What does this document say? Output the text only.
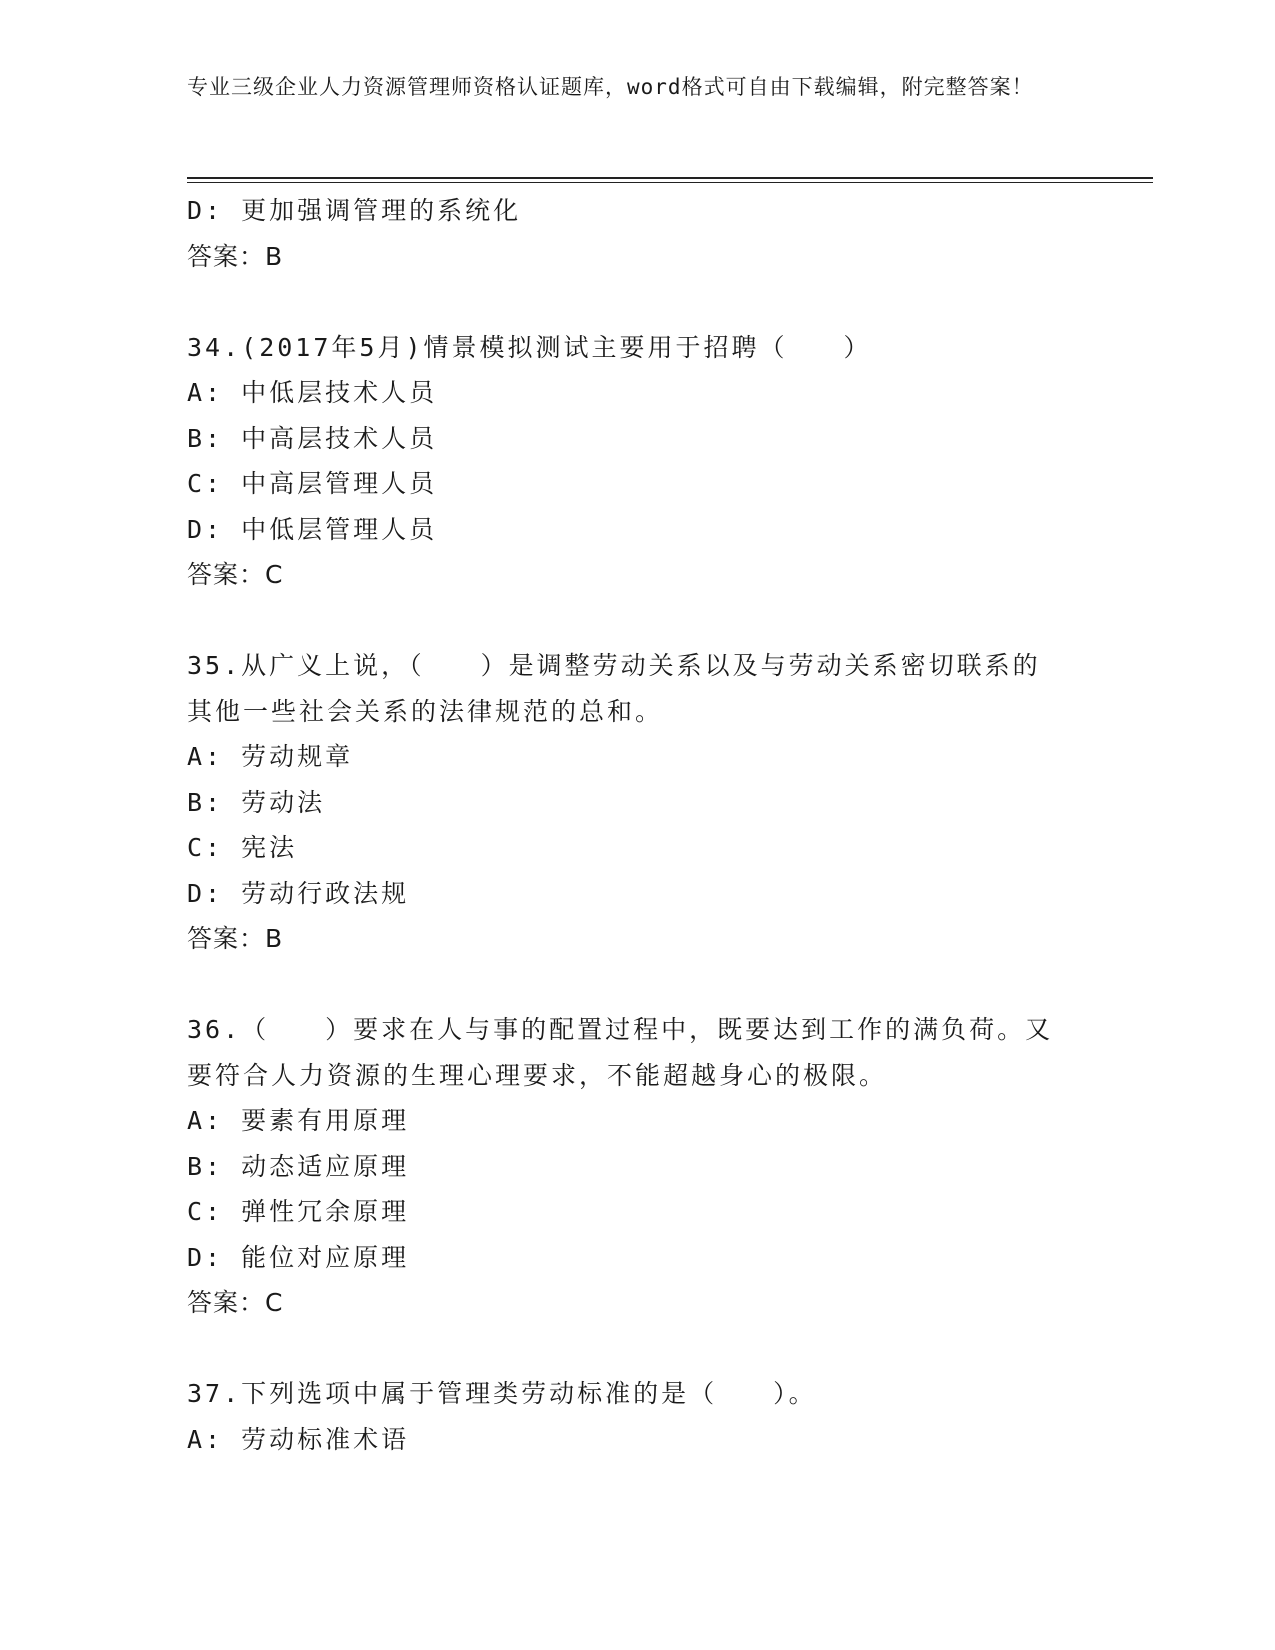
专业三级企业人力资源管理师资格认证题库，word格式可自由下载编辑，附完整答案！
D: 更加强调管理的系统化
答案：B
34.(2017年5月)情景模拟测试主要用于招聘（　　）
A: 中低层技术人员
B: 中高层技术人员
C: 中高层管理人员
D: 中低层管理人员
答案：C
35.从广义上说，（　　）是调整劳动关系以及与劳动关系密切联系的
其他一些社会关系的法律规范的总和。
A: 劳动规章
B: 劳动法
C: 宪法
D: 劳动行政法规
答案：B
36.（　　）要求在人与事的配置过程中，既要达到工作的满负荷。又
要符合人力资源的生理心理要求，不能超越身心的极限。
A: 要素有用原理
B: 动态适应原理
C: 弹性冗余原理
D: 能位对应原理
答案：C
37.下列选项中属于管理类劳动标准的是（　　）。
A: 劳动标准术语
